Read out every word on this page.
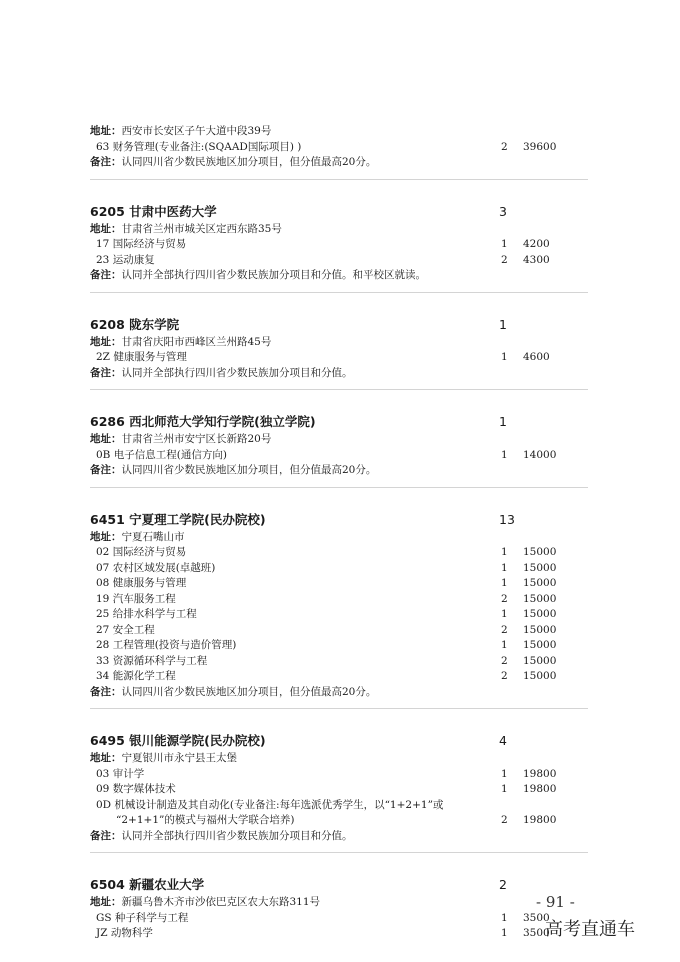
地址：西安市长安区子午大道中段39号
63 财务管理(专业备注:(SQAAD国际项目) )	2 39600
备注：认同四川省少数民族地区加分项目，但分值最高20分。
6205 甘肃中医药大学	3
地址：甘肃省兰州市城关区定西东路35号
17 国际经济与贸易	1 4200
23 运动康复	2 4300
备注：认同并全部执行四川省少数民族加分项目和分值。和平校区就读。
6208 陇东学院	1
地址：甘肃省庆阳市西峰区兰州路45号
2Z 健康服务与管理	1 4600
备注：认同并全部执行四川省少数民族加分项目和分值。
6286 西北师范大学知行学院(独立学院)	1
地址：甘肃省兰州市安宁区长新路20号
0B 电子信息工程(通信方向)	1 14000
备注：认同四川省少数民族地区加分项目，但分值最高20分。
6451 宁夏理工学院(民办院校)	13
地址：宁夏石嘴山市
02 国际经济与贸易	1 15000
07 农村区域发展(卓越班)	1 15000
08 健康服务与管理	1 15000
19 汽车服务工程	2 15000
25 给排水科学与工程	1 15000
27 安全工程	2 15000
28 工程管理(投资与造价管理)	1 15000
33 资源循环科学与工程	2 15000
34 能源化学工程	2 15000
备注：认同四川省少数民族地区加分项目，但分值最高20分。
6495 银川能源学院(民办院校)	4
地址：宁夏银川市永宁县王太堡
03 审计学	1 19800
09 数字媒体技术	1 19800
0D 机械设计制造及其自动化(专业备注:每年选派优秀学生，以“1+2+1”或
“2+1+1”的模式与福州大学联合培养)	2 19800
备注：认同并全部执行四川省少数民族加分项目和分值。
6504 新疆农业大学	2
地址：新疆乌鲁木齐市沙依巴克区农大东路311号
GS 种子科学与工程	1 3500
JZ 动物科学	1 3500
- 91 -
高考直通车
